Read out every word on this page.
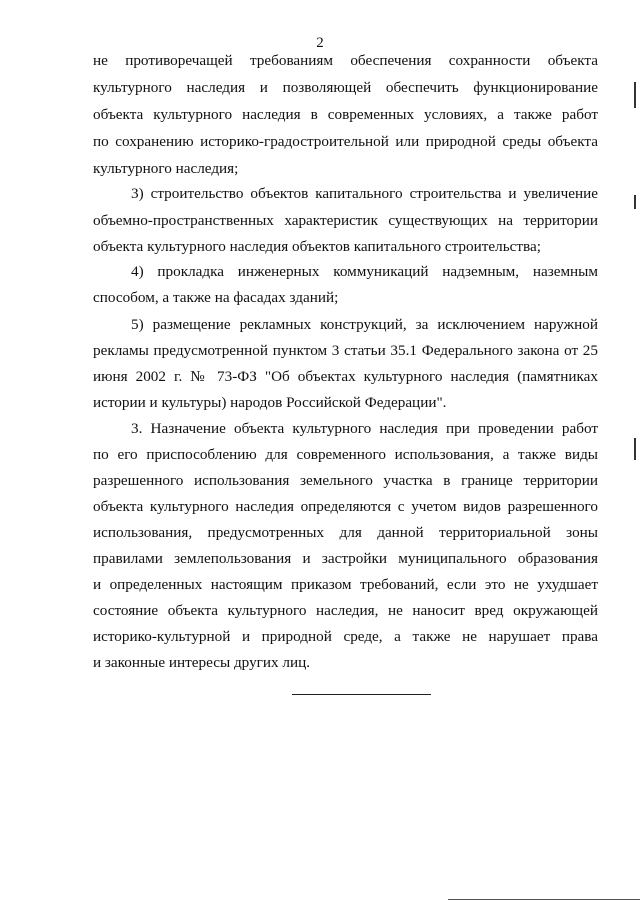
2
не противоречащей требованиям обеспечения сохранности объекта
культурного наследия и позволяющей обеспечить функционирование
объекта культурного наследия в современных условиях, а также работ
по сохранению историко-градостроительной или природной среды объекта
культурного наследия;
3) строительство объектов капитального строительства и увеличение
объемно-пространственных характеристик существующих на территории
объекта культурного наследия объектов капитального строительства;
4) прокладка инженерных коммуникаций надземным, наземным
способом, а также на фасадах зданий;
5) размещение рекламных конструкций, за исключением наружной
рекламы предусмотренной пунктом 3 статьи 35.1 Федерального закона от 25
июня 2002 г. № 73-ФЗ "Об объектах культурного наследия (памятниках
истории и культуры) народов Российской Федерации".
3. Назначение объекта культурного наследия при проведении работ
по его приспособлению для современного использования, а также виды
разрешенного использования земельного участка в границе территории
объекта культурного наследия определяются с учетом видов разрешенного
использования, предусмотренных для данной территориальной зоны
правилами землепользования и застройки муниципального образования
и определенных настоящим приказом требований, если это не ухудшает
состояние объекта культурного наследия, не наносит вред окружающей
историко-культурной и природной среде, а также не нарушает права
и законные интересы других лиц.
